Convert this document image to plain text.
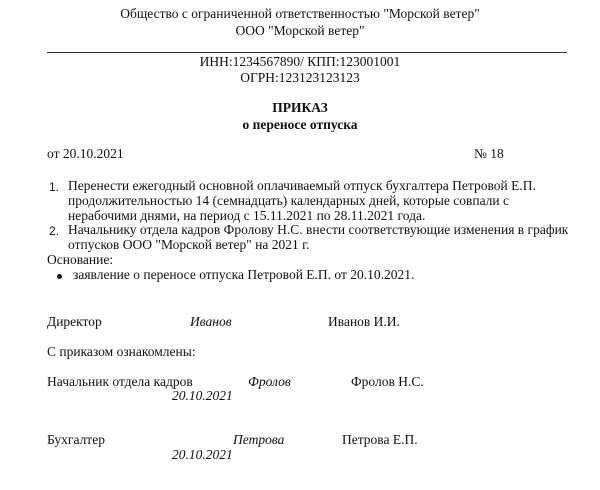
Общество с ограниченной ответственностью "Морской ветер"
ООО "Морской ветер"
ИНН:1234567890/ КПП:123001001
ОГРН:123123123123
ПРИКАЗ
о переносе отпуска
от 20.10.2021	№ 18
1. Перенести ежегодный основной оплачиваемый отпуск бухгалтера Петровой Е.П.
продолжительностью 14 (семнадцать) календарных дней, которые совпали с
нерабочими днями, на период с 15.11.2021 по 28.11.2021 года.
2. Начальнику отдела кадров Фролову Н.С. внести соответствующие изменения в график
отпусков ООО "Морской ветер" на 2021 г.
Основание:
заявление о переносе отпуска Петровой Е.П. от 20.10.2021.
Директор	Иванов	Иванов И.И.
С приказом ознакомлены:
Начальник отдела кадров	Фролов	Фролов Н.С.
20.10.2021
Бухгалтер	Петрова	Петрова Е.П.
20.10.2021
